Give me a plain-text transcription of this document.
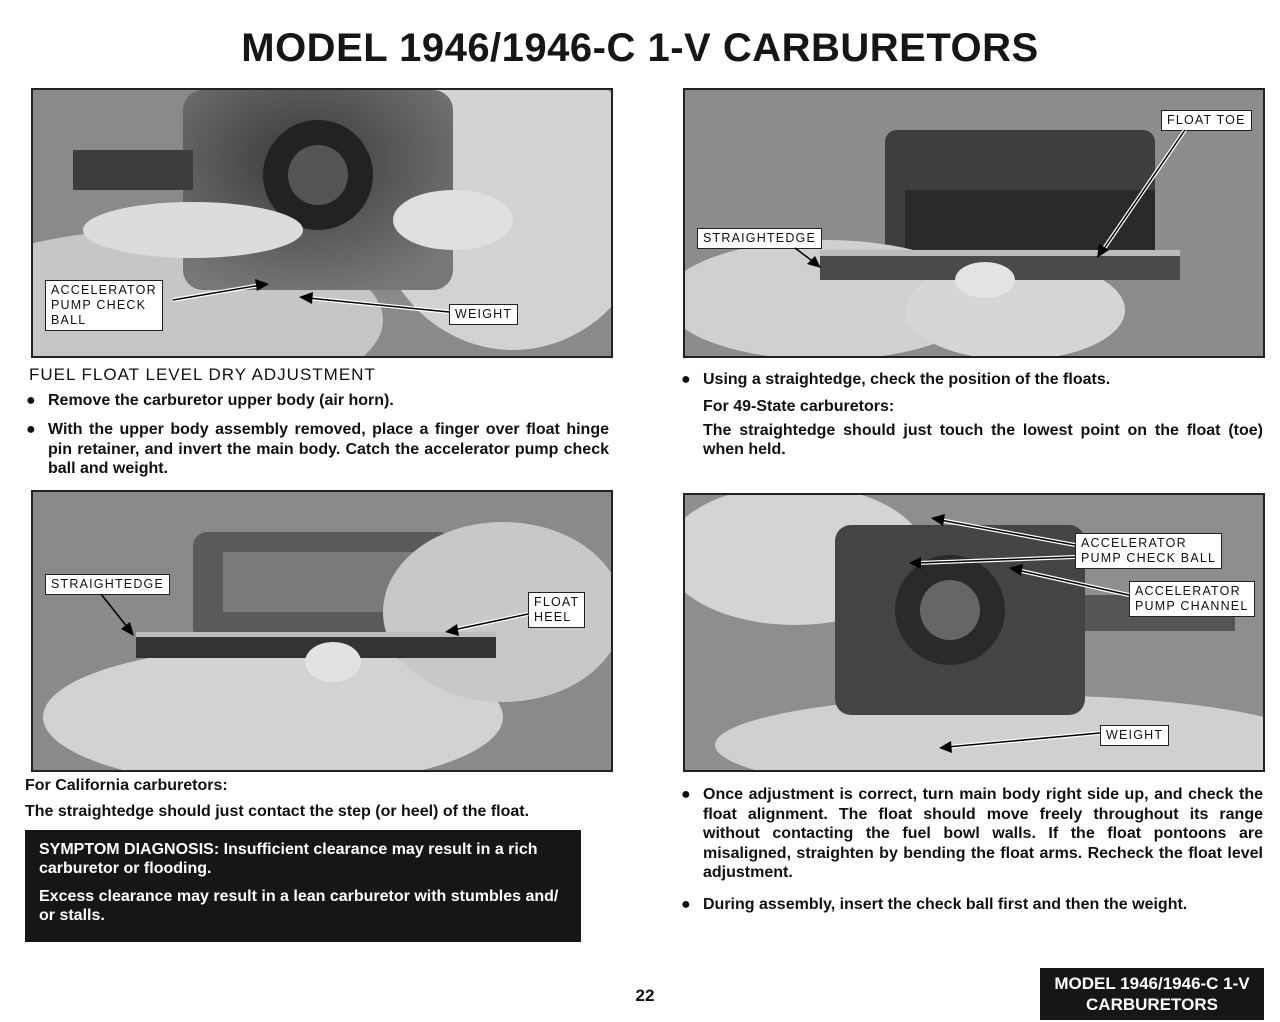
MODEL 1946/1946-C 1-V CARBURETORS
ACCELERATOR
PUMP CHECK
BALL	WEIGHT
FLOAT TOE
STRAIGHTEDGE
STRAIGHTEDGE
FLOAT
HEEL
ACCELERATOR
PUMP CHECK BALL
ACCELERATOR
PUMP CHANNEL
WEIGHT
FUEL FLOAT LEVEL DRY ADJUSTMENT
● Remove the carburetor upper body (air horn).
● With the upper body assembly removed, place a finger over float hinge pin retainer, and invert the main body. Catch the accelerator pump check ball and weight.
● Using a straightedge, check the position of the floats.
For 49-State carburetors:
The straightedge should just touch the lowest point on the float (toe) when held.
For California carburetors:
The straightedge should just contact the step (or heel) of the float.

SYMPTOM DIAGNOSIS: Insufficient clearance may result in a rich carburetor or flooding.

Excess clearance may result in a lean carburetor with stumbles and/ or stalls.

● Once adjustment is correct, turn main body right side up, and check the float alignment. The float should move freely throughout its range without contacting the fuel bowl walls. If the float pontoons are misaligned, straighten by bending the float arms. Recheck the float level adjustment.
● During assembly, insert the check ball first and then the weight.
22
MODEL 1946/1946-C 1-V
CARBURETORS
